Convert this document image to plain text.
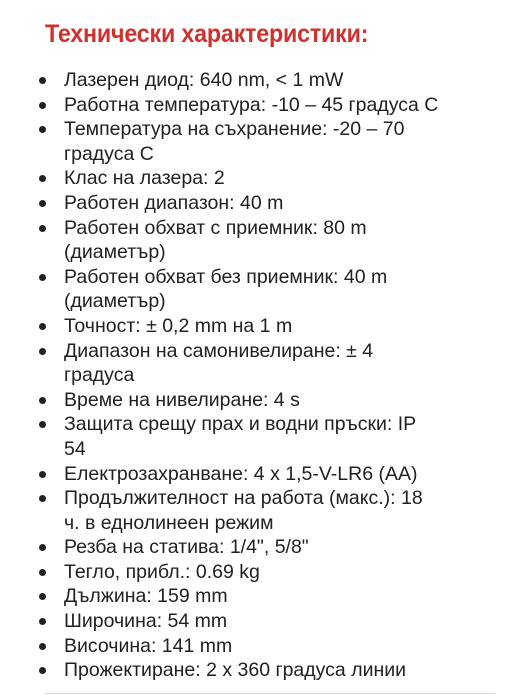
Технически характеристики:
Лазерен диод: 640 nm, < 1 mW
Работна температура: -10 – 45 градуса С
Температура на съхранение: -20 – 70
градуса С
Клас на лазера: 2
Работен диапазон: 40 m
Работен обхват с приемник: 80 m
(диаметър)
Работен обхват без приемник: 40 m
(диаметър)
Точност: ± 0,2 mm на 1 m
Диапазон на самонивелиране: ± 4
градуса
Време на нивелиране: 4 s
Защита срещу прах и водни пръски: IP
54
Електрозахранване: 4 x 1,5-V-LR6 (AA)
Продължителност на работа (макс.): 18
ч. в еднолинеен режим
Резба на статива: 1/4", 5/8"
Тегло, прибл.: 0.69 kg
Дължина: 159 mm
Широчина: 54 mm
Височина: 141 mm
Прожектиране: 2 x 360 градуса линии
